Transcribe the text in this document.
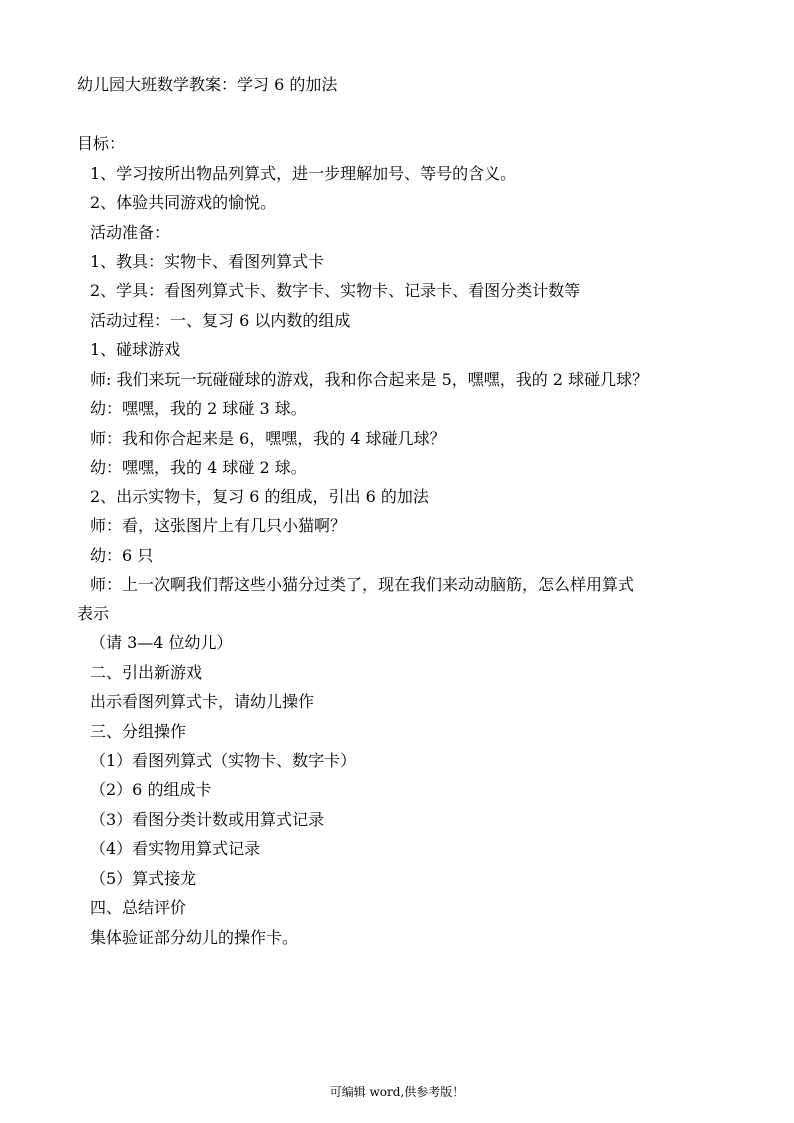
幼儿园大班数学教案：学习 6 的加法
目标：
1、学习按所出物品列算式，进一步理解加号、等号的含义。
2、体验共同游戏的愉悦。
活动准备：
1、教具：实物卡、看图列算式卡
2、学具：看图列算式卡、数字卡、实物卡、记录卡、看图分类计数等
活动过程：一、复习 6 以内数的组成
1、碰球游戏
师: 我们来玩一玩碰碰球的游戏，我和你合起来是 5，嘿嘿，我的 2 球碰几球？
幼：嘿嘿，我的 2 球碰 3 球。
师：我和你合起来是 6，嘿嘿，我的 4 球碰几球？
幼：嘿嘿，我的 4 球碰 2 球。
2、出示实物卡，复习 6 的组成，引出 6 的加法
师：看，这张图片上有几只小猫啊？
幼：6 只
师：上一次啊我们帮这些小猫分过类了，现在我们来动动脑筋，怎么样用算式
表示
（请 3—4 位幼儿）
二、引出新游戏
出示看图列算式卡，请幼儿操作
三、分组操作
（1）看图列算式（实物卡、数字卡）
（2）6 的组成卡
（3）看图分类计数或用算式记录
（4）看实物用算式记录
（5）算式接龙
四、总结评价
集体验证部分幼儿的操作卡。
可编辑 word,供参考版！
